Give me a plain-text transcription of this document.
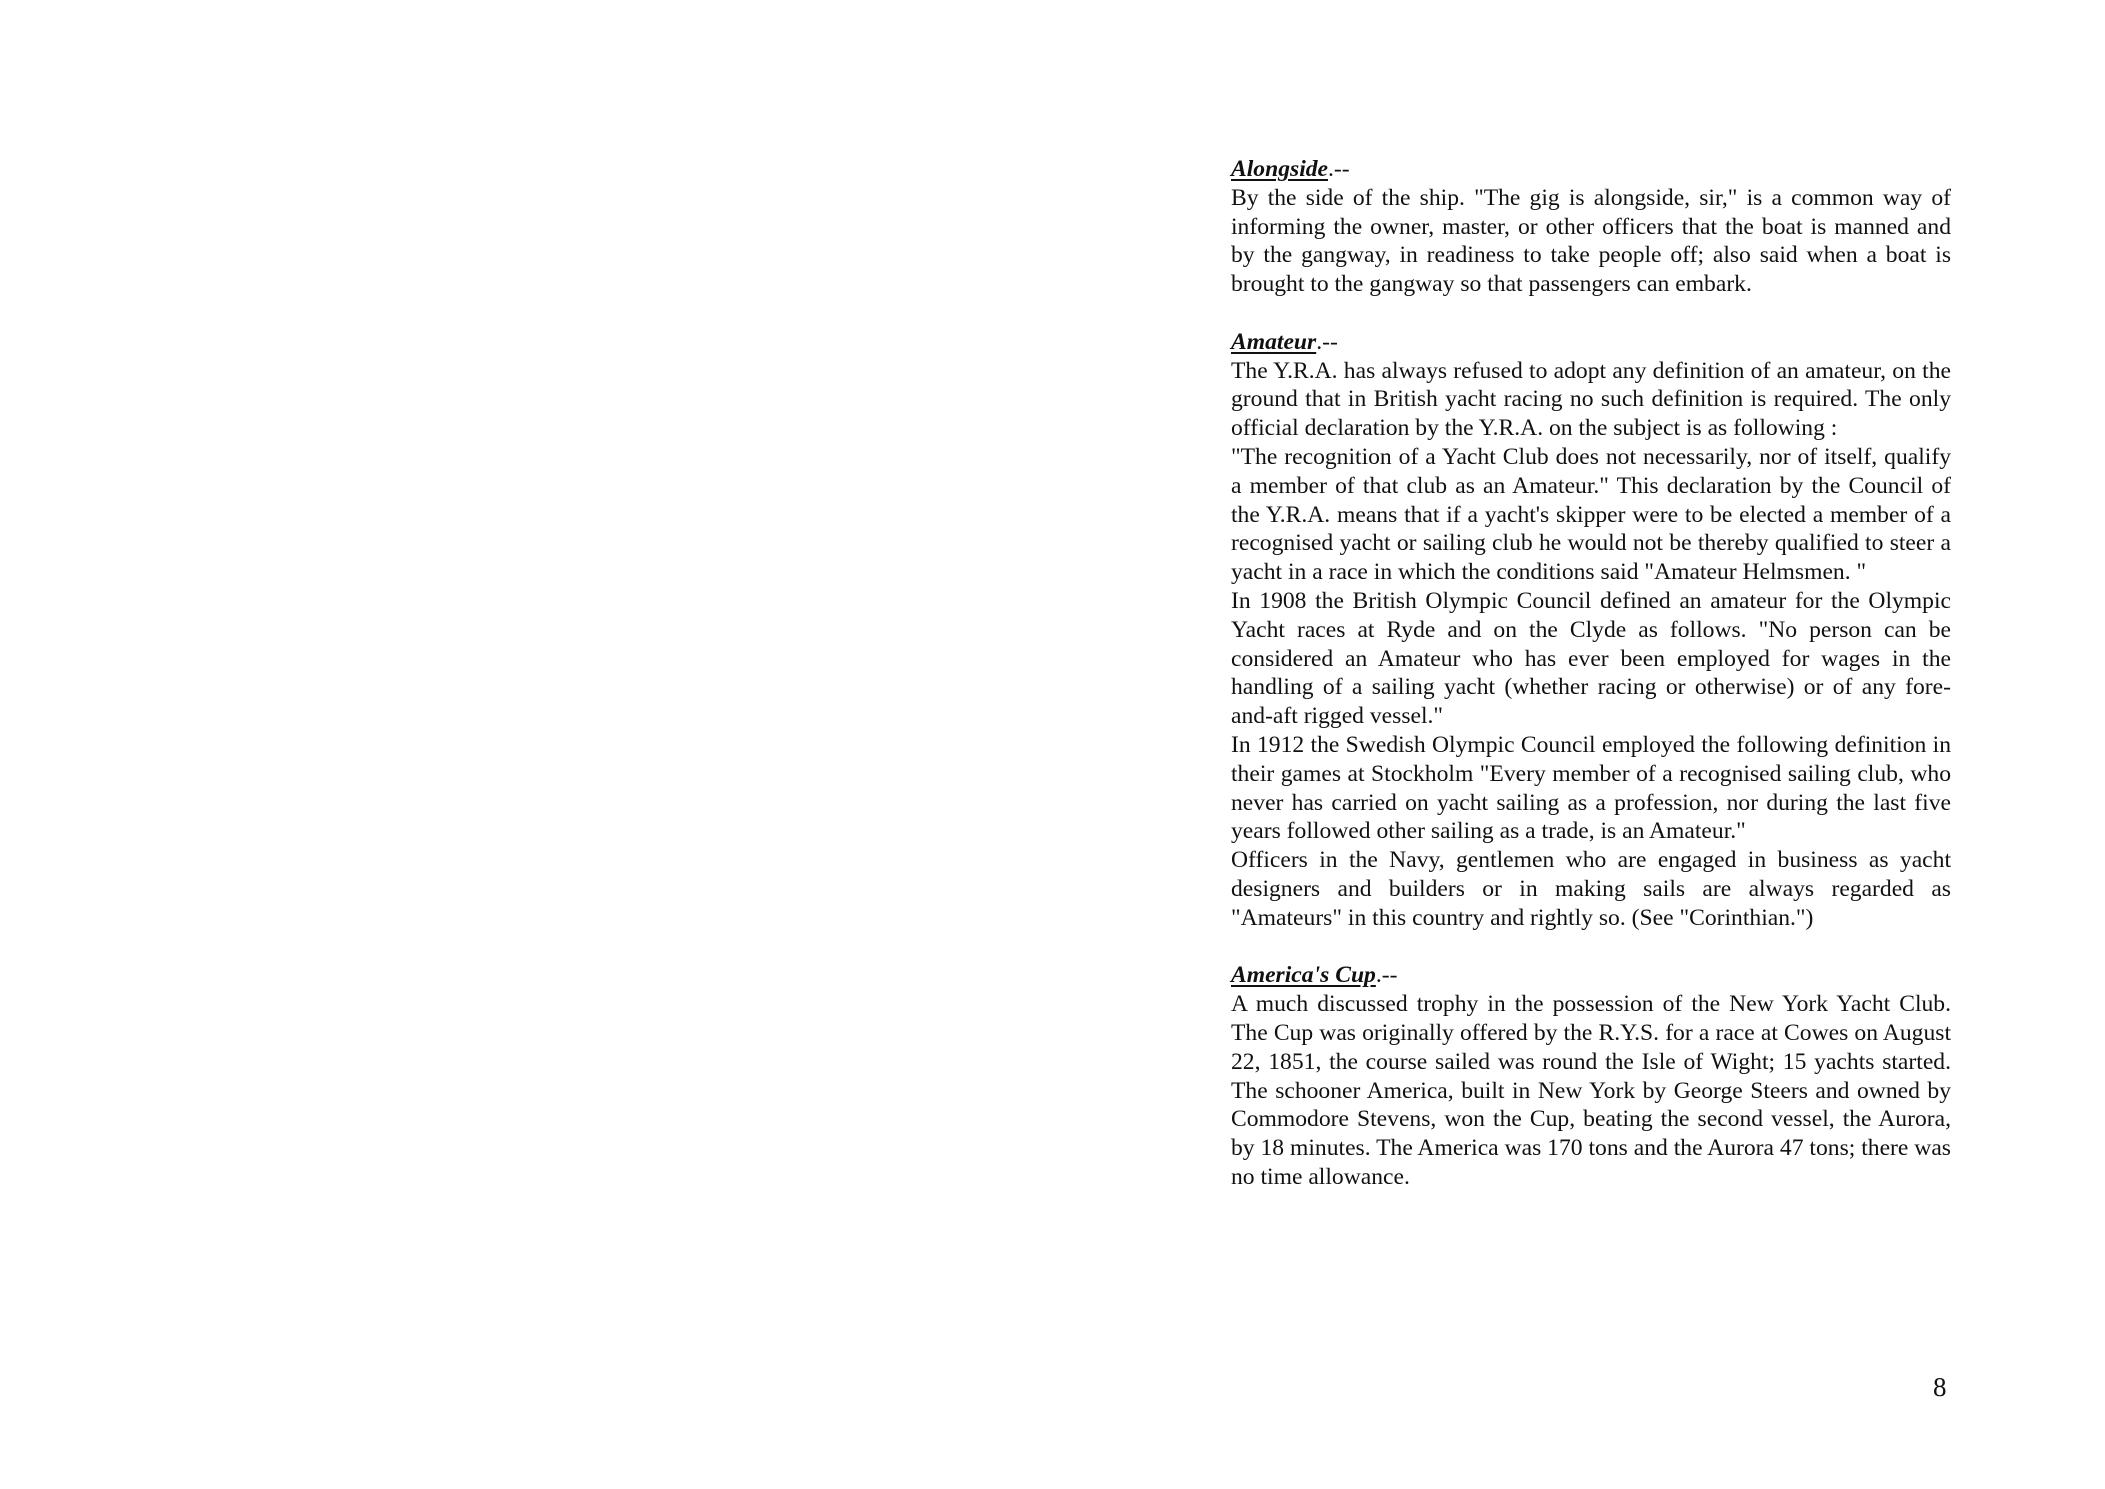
Alongside.--

By the side of the ship. "The gig is alongside, sir," is a common way of informing the owner, master, or other officers that the boat is manned and by the gangway, in readiness to take people off; also said when a boat is brought to the gangway so that passengers can embark.

Amateur.--

The Y.R.A. has always refused to adopt any definition of an amateur, on the ground that in British yacht racing no such definition is required. The only official declaration by the Y.R.A. on the subject is as following :

"The recognition of a Yacht Club does not necessarily, nor of itself, qualify a member of that club as an Amateur." This declaration by the Council of the Y.R.A. means that if a yacht's skipper were to be elected a member of a recognised yacht or sailing club he would not be thereby qualified to steer a yacht in a race in which the conditions said "Amateur Helmsmen. "

In 1908 the British Olympic Council defined an amateur for the Olympic Yacht races at Ryde and on the Clyde as follows. "No person can be considered an Amateur who has ever been employed for wages in the handling of a sailing yacht (whether racing or otherwise) or of any fore-and-aft rigged vessel."

In 1912 the Swedish Olympic Council employed the following definition in their games at Stockholm "Every member of a recognised sailing club, who never has carried on yacht sailing as a profession, nor during the last five years followed other sailing as a trade, is an Amateur."

Officers in the Navy, gentlemen who are engaged in business as yacht designers and builders or in making sails are always regarded as "Amateurs" in this country and rightly so. (See "Corinthian.")

America's Cup.--

A much discussed trophy in the possession of the New York Yacht Club. The Cup was originally offered by the R.Y.S. for a race at Cowes on August 22, 1851, the course sailed was round the Isle of Wight; 15 yachts started. The schooner America, built in New York by George Steers and owned by Commodore Stevens, won the Cup, beating the second vessel, the Aurora, by 18 minutes. The America was 170 tons and the Aurora 47 tons; there was no time allowance.

8
